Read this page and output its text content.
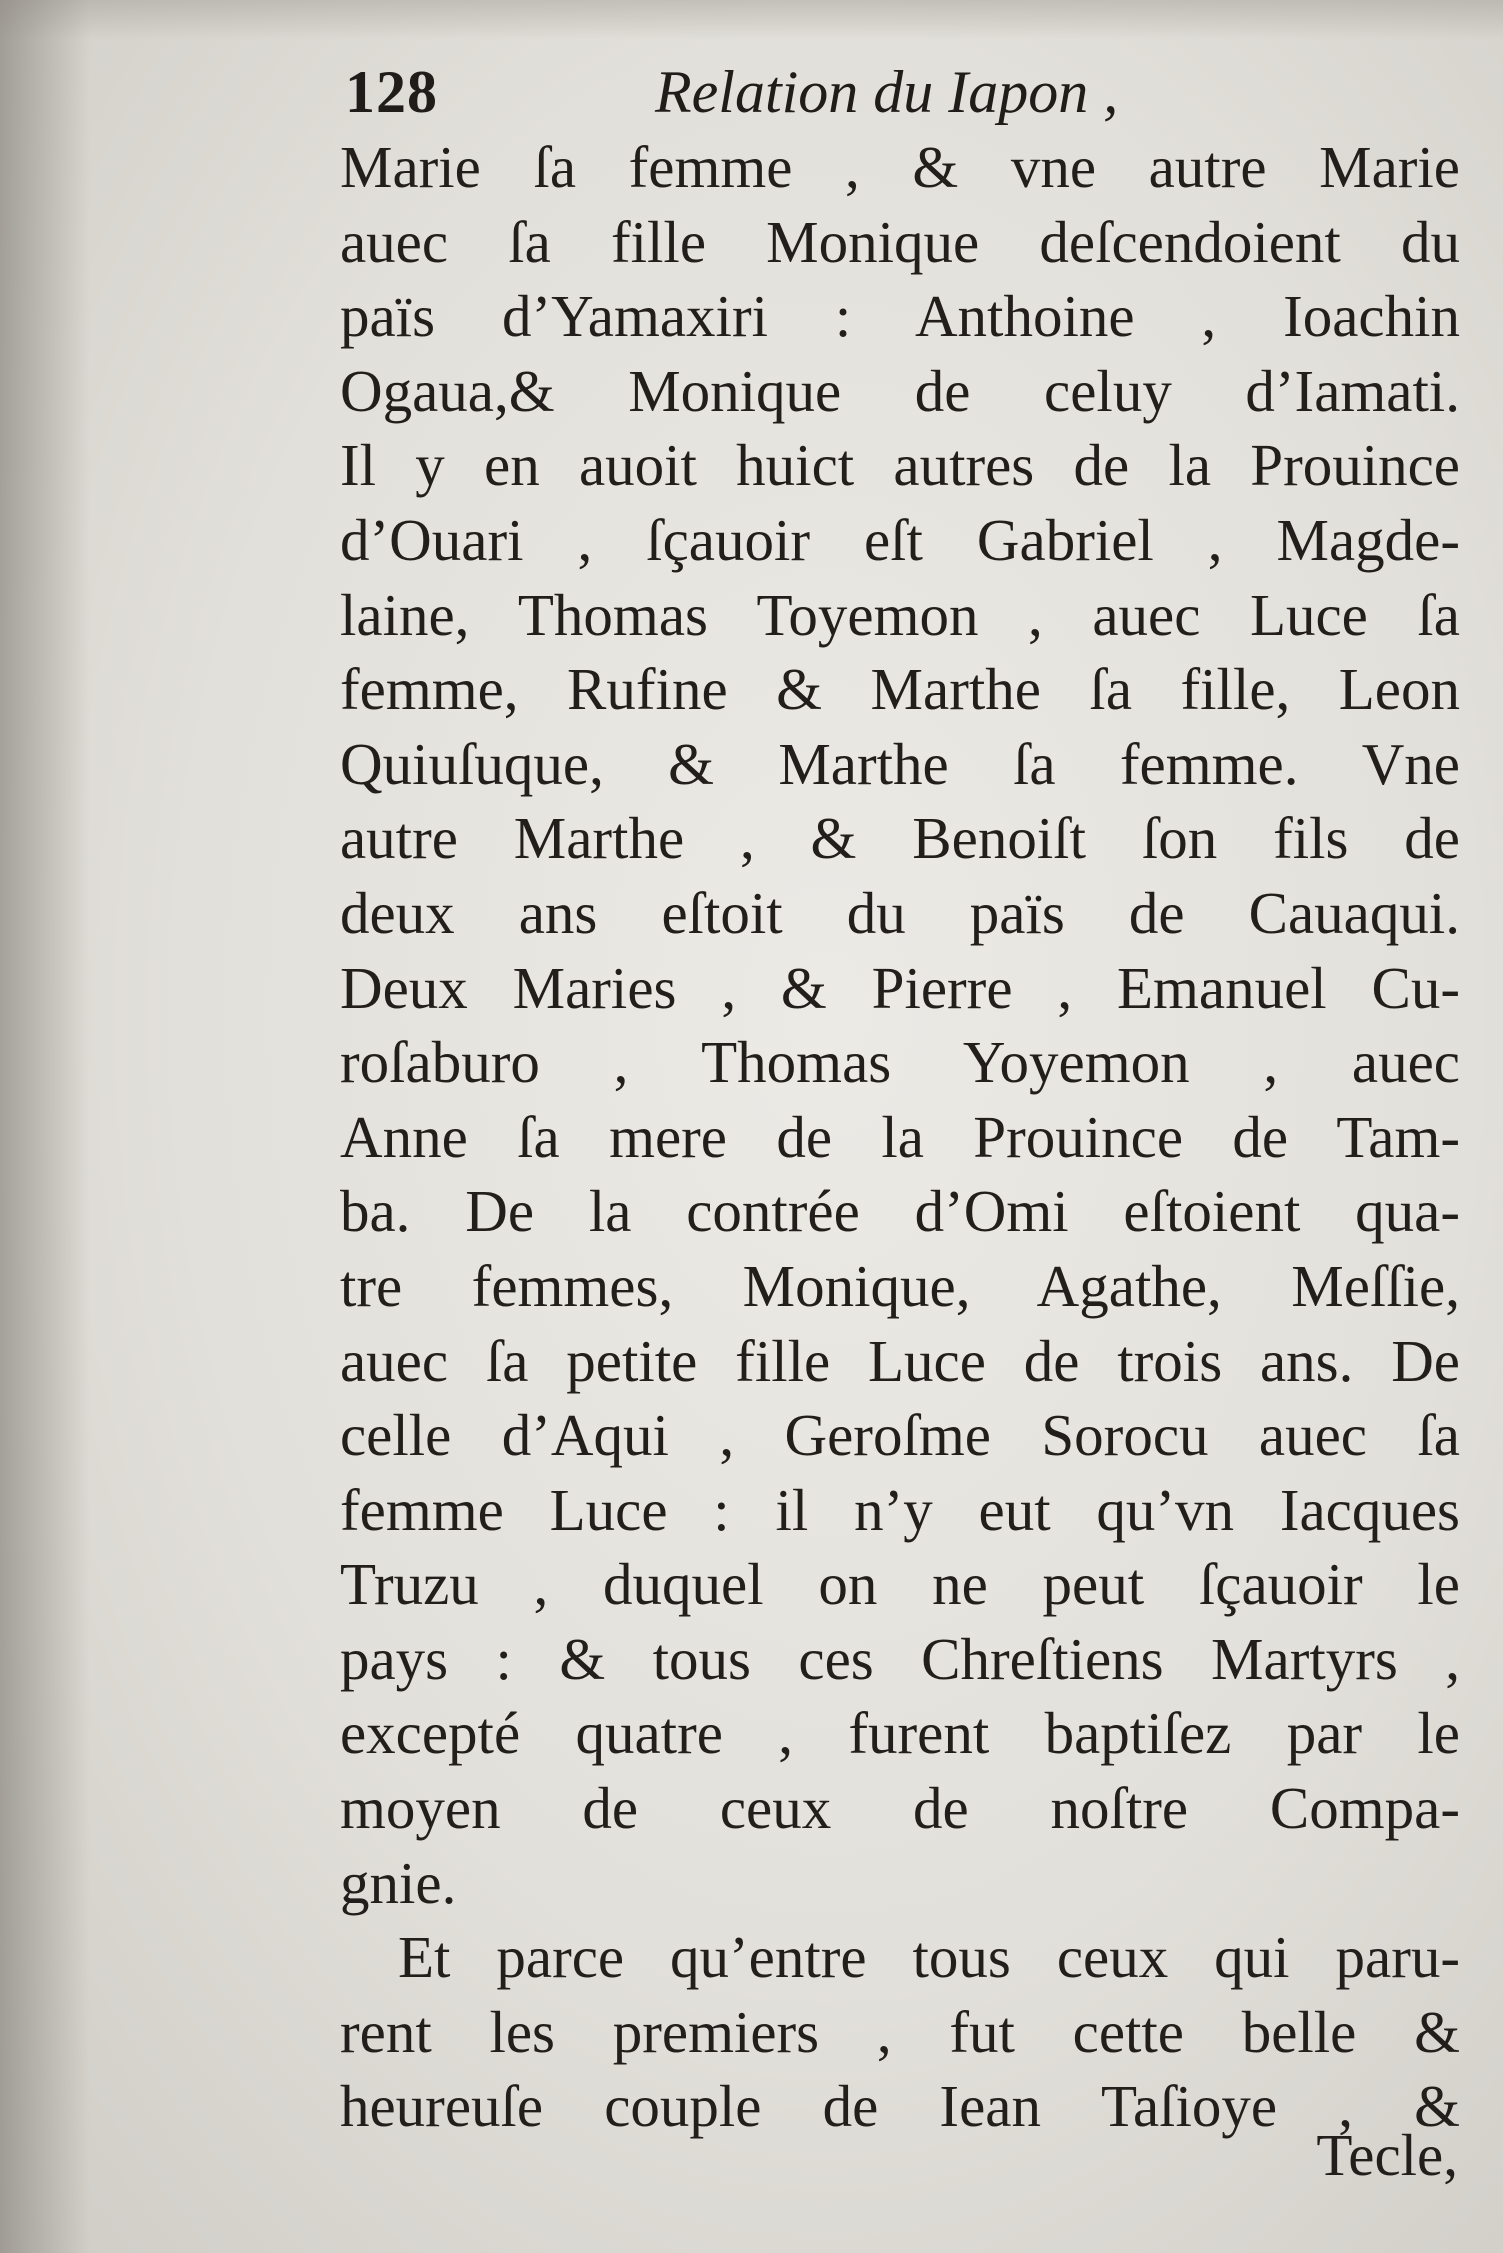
128	Relation du Iapon ,
Marie ſa femme , & vne autre Marie
auec ſa fille Monique deſcendoient du
païs d’Yamaxiri : Anthoine , Ioachin
Ogaua,& Monique de celuy d’Iamati.
Il y en auoit huict autres de la Prouince
d’Ouari , ſçauoir eſt Gabriel , Magde-
laine, Thomas Toyemon , auec Luce ſa
femme, Rufine & Marthe ſa fille, Leon
Quiuſuque, & Marthe ſa femme. Vne
autre Marthe , & Benoiſt ſon fils de
deux ans eſtoit du païs de Cauaqui.
Deux Maries , & Pierre , Emanuel Cu-
roſaburo , Thomas Yoyemon , auec
Anne ſa mere de la Prouince de Tam-
ba. De la contrée d’Omi eſtoient qua-
tre femmes, Monique, Agathe, Meſſie,
auec ſa petite fille Luce de trois ans. De
celle d’Aqui , Geroſme Sorocu auec ſa
femme Luce : il n’y eut qu’vn Iacques
Truzu , duquel on ne peut ſçauoir le
pays : & tous ces Chreſtiens Martyrs ,
excepté quatre , furent baptiſez par le
moyen de ceux de noſtre Compa-
gnie.
Et parce qu’entre tous ceux qui paru-
rent les premiers , fut cette belle &
heureuſe couple de Iean Taſioye , &
Tecle,
